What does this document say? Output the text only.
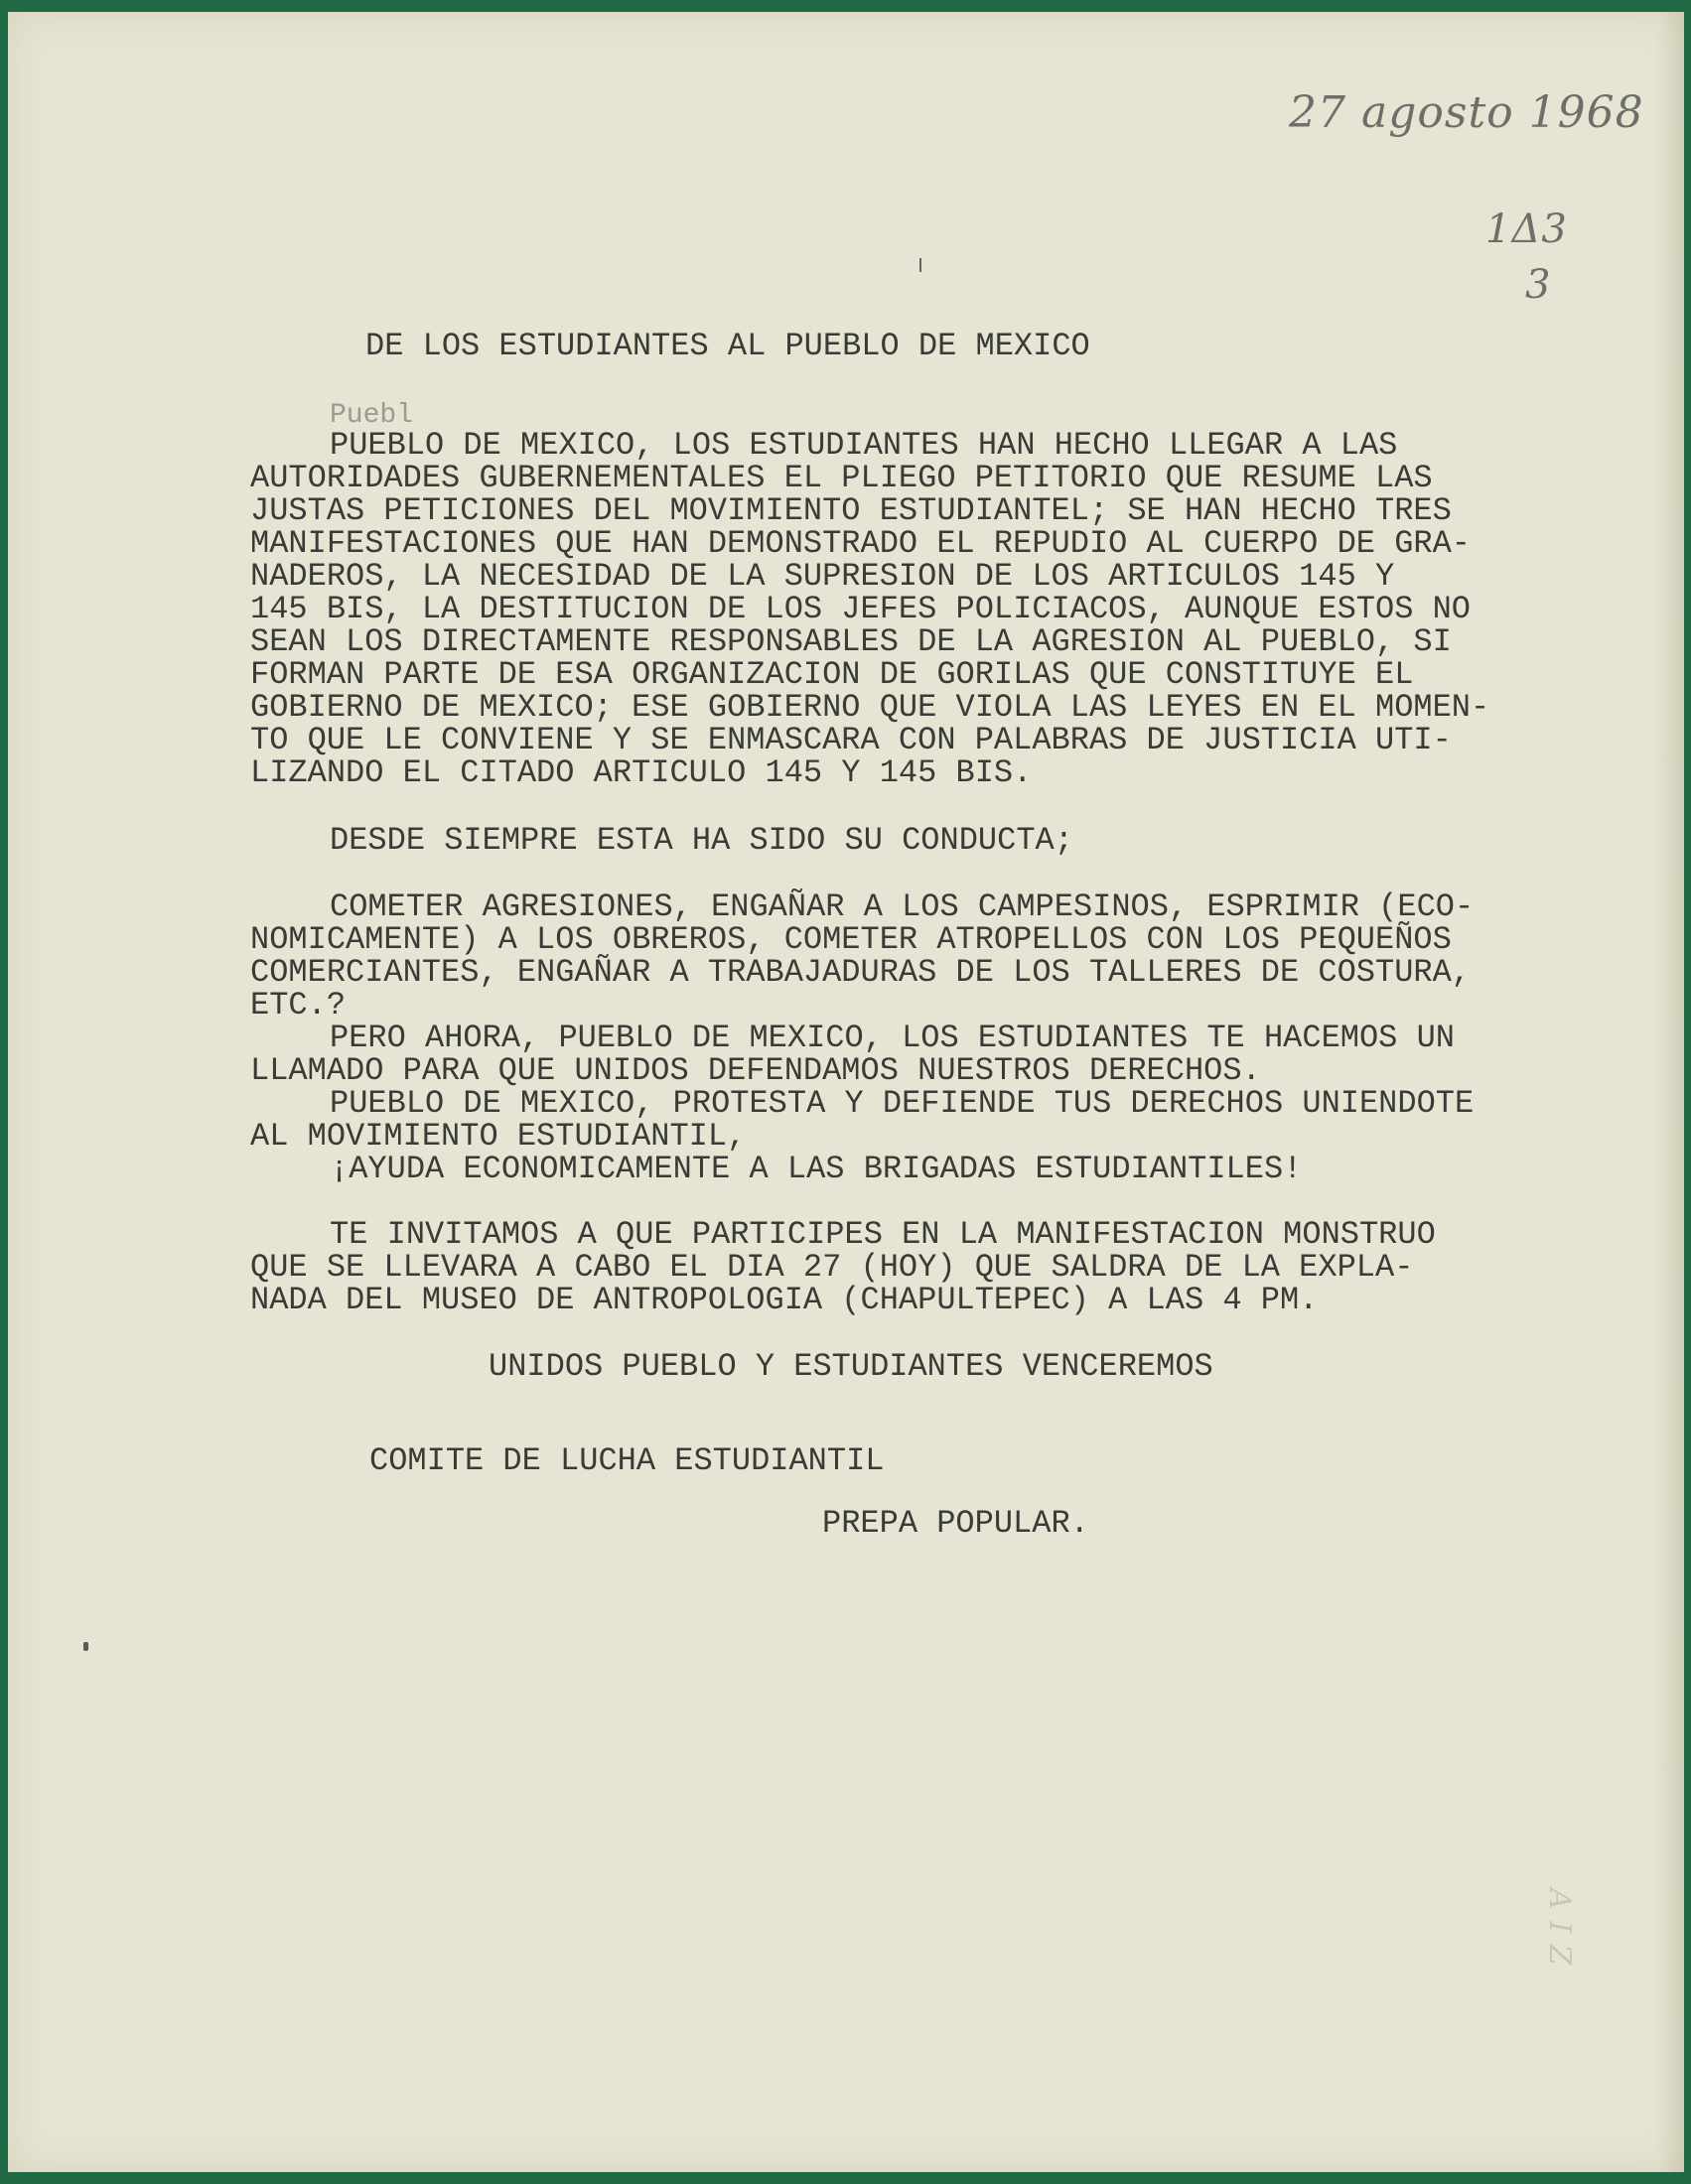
27 agosto 1968
1Δ3
3
A I Z
DE LOS ESTUDIANTES AL PUEBLO DE MEXICO
Puebl
PUEBLO DE MEXICO, LOS ESTUDIANTES HAN HECHO LLEGAR A LAS
AUTORIDADES GUBERNEMENTALES EL PLIEGO PETITORIO QUE RESUME LAS
JUSTAS PETICIONES DEL MOVIMIENTO ESTUDIANTEL; SE HAN HECHO TRES
MANIFESTACIONES QUE HAN DEMONSTRADO EL REPUDIO AL CUERPO DE GRA-
NADEROS, LA NECESIDAD DE LA SUPRESION DE LOS ARTICULOS 145 Y
145 BIS, LA DESTITUCION DE LOS JEFES POLICIACOS, AUNQUE ESTOS NO
SEAN LOS DIRECTAMENTE RESPONSABLES DE LA AGRESION AL PUEBLO, SI
FORMAN PARTE DE ESA ORGANIZACION DE GORILAS QUE CONSTITUYE EL
GOBIERNO DE MEXICO; ESE GOBIERNO QUE VIOLA LAS LEYES EN EL MOMEN-
TO QUE LE CONVIENE Y SE ENMASCARA CON PALABRAS DE JUSTICIA UTI-
LIZANDO EL CITADO ARTICULO 145 Y 145 BIS.
DESDE SIEMPRE ESTA HA SIDO SU CONDUCTA;
COMETER AGRESIONES, ENGAÑAR A LOS CAMPESINOS, ESPRIMIR (ECO-
NOMICAMENTE) A LOS OBREROS, COMETER ATROPELLOS CON LOS PEQUEÑOS
COMERCIANTES, ENGAÑAR A TRABAJADURAS DE LOS TALLERES DE COSTURA,
ETC.?
PERO AHORA, PUEBLO DE MEXICO, LOS ESTUDIANTES TE HACEMOS UN
LLAMADO PARA QUE UNIDOS DEFENDAMOS NUESTROS DERECHOS.
PUEBLO DE MEXICO, PROTESTA Y DEFIENDE TUS DERECHOS UNIENDOTE
AL MOVIMIENTO ESTUDIANTIL,
¡AYUDA ECONOMICAMENTE A LAS BRIGADAS ESTUDIANTILES!
TE INVITAMOS A QUE PARTICIPES EN LA MANIFESTACION MONSTRUO
QUE SE LLEVARA A CABO EL DIA 27 (HOY) QUE SALDRA DE LA EXPLA-
NADA DEL MUSEO DE ANTROPOLOGIA (CHAPULTEPEC) A LAS 4 PM.
UNIDOS PUEBLO Y ESTUDIANTES VENCEREMOS
COMITE DE LUCHA ESTUDIANTIL
PREPA POPULAR.
